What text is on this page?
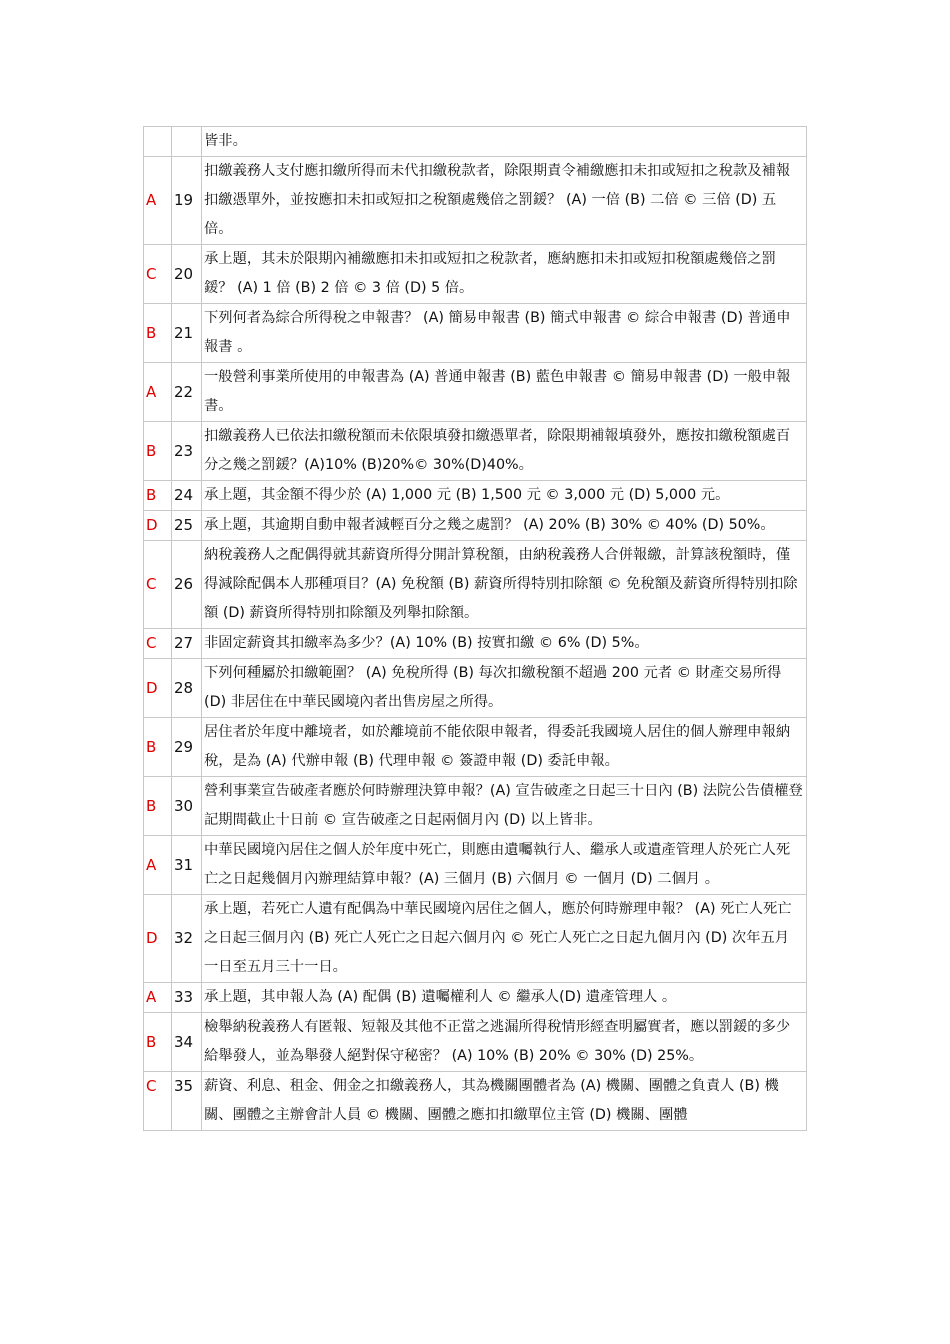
		皆非。
A	19	扣繳義務人支付應扣繳所得而未代扣繳稅款者，除限期責令補繳應扣未扣或短扣之稅款及補報扣繳憑單外，並按應扣未扣或短扣之稅額處幾倍之罰鍰？ (A) 一倍 (B) 二倍 © 三倍 (D) 五倍。
C	20	承上題，其未於限期內補繳應扣未扣或短扣之稅款者，應納應扣未扣或短扣稅額處幾倍之罰鍰？ (A) 1 倍 (B) 2 倍 © 3 倍 (D) 5 倍。
B	21	下列何者為綜合所得稅之申報書？ (A) 簡易申報書 (B) 簡式申報書 © 綜合申報書 (D) 普通申報書 。
A	22	一般營利事業所使用的申報書為 (A) 普通申報書 (B) 藍色申報書 © 簡易申報書 (D) 一般申報書。
B	23	扣繳義務人已依法扣繳稅額而未依限填發扣繳憑單者，除限期補報填發外，應按扣繳稅額處百分之幾之罰鍰？(A)10% (B)20%© 30%(D)40%。
B	24	承上題，其金額不得少於 (A) 1,000 元 (B) 1,500 元 © 3,000 元 (D) 5,000 元。
D	25	承上題，其逾期自動申報者減輕百分之幾之處罰？ (A) 20% (B) 30% © 40% (D) 50%。
C	26	納稅義務人之配偶得就其薪資所得分開計算稅額，由納稅義務人合併報繳，計算該稅額時，僅得減除配偶本人那種項目？(A) 免稅額 (B) 薪資所得特別扣除額 © 免稅額及薪資所得特別扣除額 (D) 薪資所得特別扣除額及列舉扣除額。
C	27	非固定薪資其扣繳率為多少？(A) 10% (B) 按實扣繳 © 6% (D) 5%。
D	28	下列何種屬於扣繳範圍？ (A) 免稅所得 (B) 每次扣繳稅額不超過 200 元者 © 財產交易所得 (D) 非居住在中華民國境內者出售房屋之所得。
B	29	居住者於年度中離境者，如於離境前不能依限申報者，得委託我國境人居住的個人辦理申報納稅，是為 (A) 代辦申報 (B) 代理申報 © 簽證申報 (D) 委託申報。
B	30	營利事業宣告破產者應於何時辦理決算申報？(A) 宣告破產之日起三十日內 (B) 法院公告債權登記期間截止十日前 © 宣告破產之日起兩個月內 (D) 以上皆非。
A	31	中華民國境內居住之個人於年度中死亡，則應由遺囑執行人、繼承人或遺產管理人於死亡人死亡之日起幾個月內辦理結算申報？(A) 三個月 (B) 六個月 © 一個月 (D) 二個月 。
D	32	承上題，若死亡人遺有配偶為中華民國境內居住之個人，應於何時辦理申報？ (A) 死亡人死亡之日起三個月內 (B) 死亡人死亡之日起六個月內 © 死亡人死亡之日起九個月內 (D) 次年五月一日至五月三十一日。
A	33	承上題，其申報人為 (A) 配偶 (B) 遺囑權利人 © 繼承人(D) 遺產管理人 。
B	34	檢舉納稅義務人有匿報、短報及其他不正當之逃漏所得稅情形經查明屬實者，應以罰鍰的多少給舉發人，並為舉發人絕對保守秘密？ (A) 10% (B) 20% © 30% (D) 25%。
C	35	薪資、利息、租金、佣金之扣繳義務人，其為機關團體者為 (A) 機關、團體之負責人 (B) 機關、團體之主辦會計人員 © 機關、團體之應扣扣繳單位主管 (D) 機關、團體
